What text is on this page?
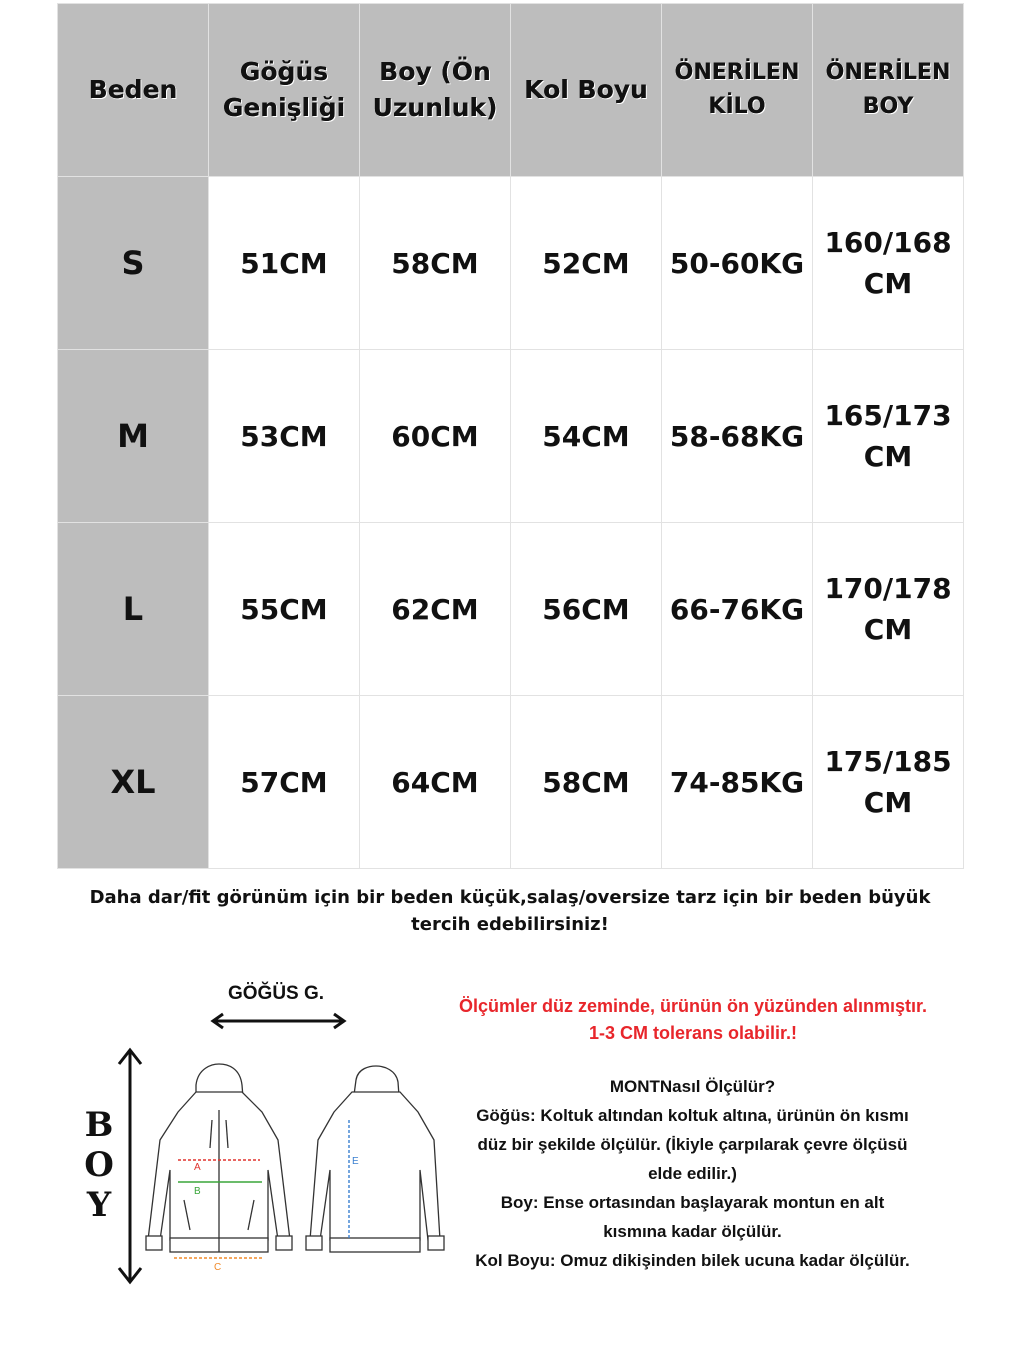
Beden	Göğüs Genişliği	Boy (Ön Uzunluk)	Kol Boyu	ÖNERİLEN KİLO	ÖNERİLEN BOY
S	51CM	58CM	52CM	50-60KG	160/168 CM
M	53CM	60CM	54CM	58-68KG	165/173 CM
L	55CM	62CM	56CM	66-76KG	170/178 CM
XL	57CM	64CM	58CM	74-85KG	175/185 CM
Daha dar/fit görünüm için bir beden küçük,salaş/oversize tarz için bir beden büyük tercih edebilirsiniz!
GÖĞÜS G.
B
O
Y
A
B
C
E
Ölçümler düz zeminde, ürünün ön yüzünden alınmıştır.
1-3 CM tolerans olabilir.!
MONTNasıl Ölçülür?
Göğüs: Koltuk altından koltuk altına, ürünün ön kısmı düz bir şekilde ölçülür. (İkiyle çarpılarak çevre ölçüsü elde edilir.)
Boy: Ense ortasından başlayarak montun en alt kısmına kadar ölçülür.
Kol Boyu: Omuz dikişinden bilek ucuna kadar ölçülür.
